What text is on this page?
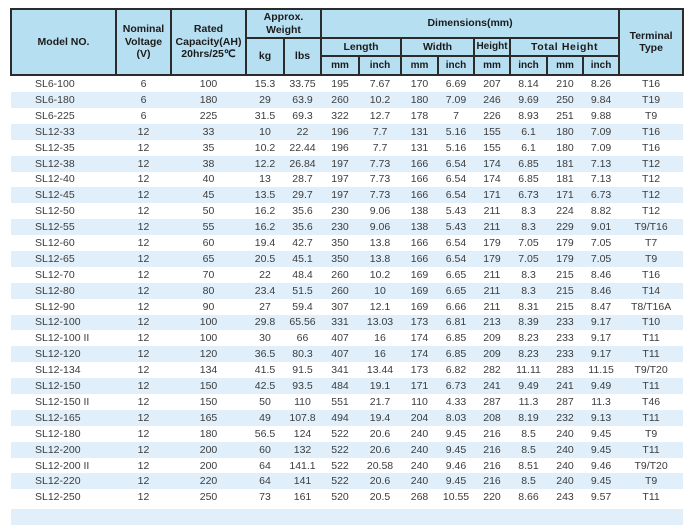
Model NO.	Nominal Voltage (V)	Rated Capacity(AH) 20hrs/25℃	Approx. Weight		Dimensions(mm)								Terminal Type
			kg	lbs	Length		Width		Height	Total Height			
					mm	inch	mm	inch	mm	inch	mm	inch	
SL6-100	6	100	15.3	33.75	195	7.67	170	6.69	207	8.14	210	8.26	T16
SL6-180	6	180	29	63.9	260	10.2	180	7.09	246	9.69	250	9.84	T19
SL6-225	6	225	31.5	69.3	322	12.7	178	7	226	8.93	251	9.88	T9
SL12-33	12	33	10	22	196	7.7	131	5.16	155	6.1	180	7.09	T16
SL12-35	12	35	10.2	22.44	196	7.7	131	5.16	155	6.1	180	7.09	T16
SL12-38	12	38	12.2	26.84	197	7.73	166	6.54	174	6.85	181	7.13	T12
SL12-40	12	40	13	28.7	197	7.73	166	6.54	174	6.85	181	7.13	T12
SL12-45	12	45	13.5	29.7	197	7.73	166	6.54	171	6.73	171	6.73	T12
SL12-50	12	50	16.2	35.6	230	9.06	138	5.43	211	8.3	224	8.82	T12
SL12-55	12	55	16.2	35.6	230	9.06	138	5.43	211	8.3	229	9.01	T9/T16
SL12-60	12	60	19.4	42.7	350	13.8	166	6.54	179	7.05	179	7.05	T7
SL12-65	12	65	20.5	45.1	350	13.8	166	6.54	179	7.05	179	7.05	T9
SL12-70	12	70	22	48.4	260	10.2	169	6.65	211	8.3	215	8.46	T16
SL12-80	12	80	23.4	51.5	260	10	169	6.65	211	8.3	215	8.46	T14
SL12-90	12	90	27	59.4	307	12.1	169	6.66	211	8.31	215	8.47	T8/T16A
SL12-100	12	100	29.8	65.56	331	13.03	173	6.81	213	8.39	233	9.17	T10
SL12-100 II	12	100	30	66	407	16	174	6.85	209	8.23	233	9.17	T11
SL12-120	12	120	36.5	80.3	407	16	174	6.85	209	8.23	233	9.17	T11
SL12-134	12	134	41.5	91.5	341	13.44	173	6.82	282	11.11	283	11.15	T9/T20
SL12-150	12	150	42.5	93.5	484	19.1	171	6.73	241	9.49	241	9.49	T11
SL12-150 II	12	150	50	110	551	21.7	110	4.33	287	11.3	287	11.3	T46
SL12-165	12	165	49	107.8	494	19.4	204	8.03	208	8.19	232	9.13	T11
SL12-180	12	180	56.5	124	522	20.6	240	9.45	216	8.5	240	9.45	T9
SL12-200	12	200	60	132	522	20.6	240	9.45	216	8.5	240	9.45	T11
SL12-200 II	12	200	64	141.1	522	20.58	240	9.46	216	8.51	240	9.46	T9/T20
SL12-220	12	220	64	141	522	20.6	240	9.45	216	8.5	240	9.45	T9
SL12-250	12	250	73	161	520	20.5	268	10.55	220	8.66	243	9.57	T11
